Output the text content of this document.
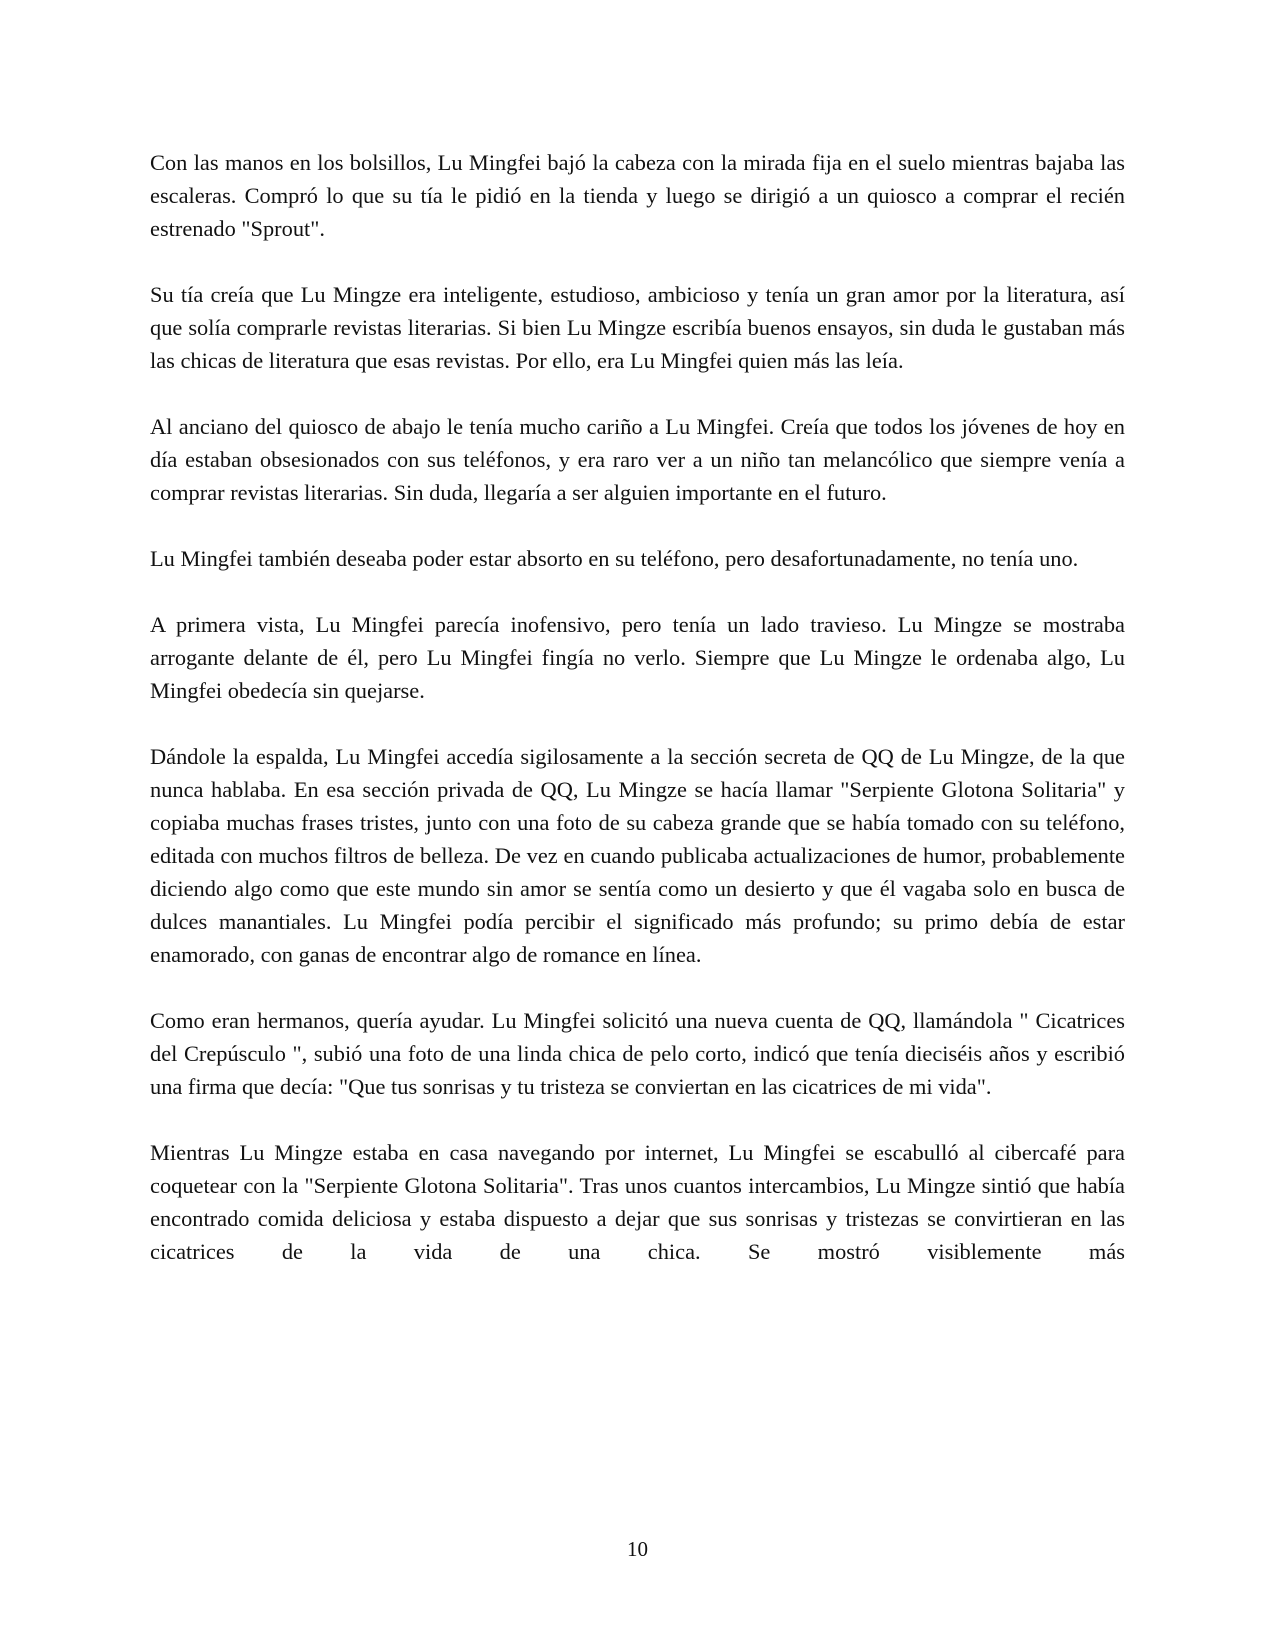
Con las manos en los bolsillos, Lu Mingfei bajó la cabeza con la mirada fija en el suelo mientras bajaba las escaleras. Compró lo que su tía le pidió en la tienda y luego se dirigió a un quiosco a comprar el recién estrenado "Sprout".

Su tía creía que Lu Mingze era inteligente, estudioso, ambicioso y tenía un gran amor por la literatura, así que solía comprarle revistas literarias. Si bien Lu Mingze escribía buenos ensayos, sin duda le gustaban más las chicas de literatura que esas revistas. Por ello, era Lu Mingfei quien más las leía.

Al anciano del quiosco de abajo le tenía mucho cariño a Lu Mingfei. Creía que todos los jóvenes de hoy en día estaban obsesionados con sus teléfonos, y era raro ver a un niño tan melancólico que siempre venía a comprar revistas literarias. Sin duda, llegaría a ser alguien importante en el futuro.

Lu Mingfei también deseaba poder estar absorto en su teléfono, pero desafortunadamente, no tenía uno.

A primera vista, Lu Mingfei parecía inofensivo, pero tenía un lado travieso. Lu Mingze se mostraba arrogante delante de él, pero Lu Mingfei fingía no verlo. Siempre que Lu Mingze le ordenaba algo, Lu Mingfei obedecía sin quejarse.

Dándole la espalda, Lu Mingfei accedía sigilosamente a la sección secreta de QQ de Lu Mingze, de la que nunca hablaba. En esa sección privada de QQ, Lu Mingze se hacía llamar "Serpiente Glotona Solitaria" y copiaba muchas frases tristes, junto con una foto de su cabeza grande que se había tomado con su teléfono, editada con muchos filtros de belleza. De vez en cuando publicaba actualizaciones de humor, probablemente diciendo algo como que este mundo sin amor se sentía como un desierto y que él vagaba solo en busca de dulces manantiales. Lu Mingfei podía percibir el significado más profundo; su primo debía de estar enamorado, con ganas de encontrar algo de romance en línea.

Como eran hermanos, quería ayudar. Lu Mingfei solicitó una nueva cuenta de QQ, llamándola " Cicatrices del Crepúsculo ", subió una foto de una linda chica de pelo corto, indicó que tenía dieciséis años y escribió una firma que decía: "Que tus sonrisas y tu tristeza se conviertan en las cicatrices de mi vida".

Mientras Lu Mingze estaba en casa navegando por internet, Lu Mingfei se escabulló al cibercafé para coquetear con la "Serpiente Glotona Solitaria". Tras unos cuantos intercambios, Lu Mingze sintió que había encontrado comida deliciosa y estaba dispuesto a dejar que sus sonrisas y tristezas se convirtieran en las cicatrices de la vida de una chica. Se mostró visiblemente más

10
